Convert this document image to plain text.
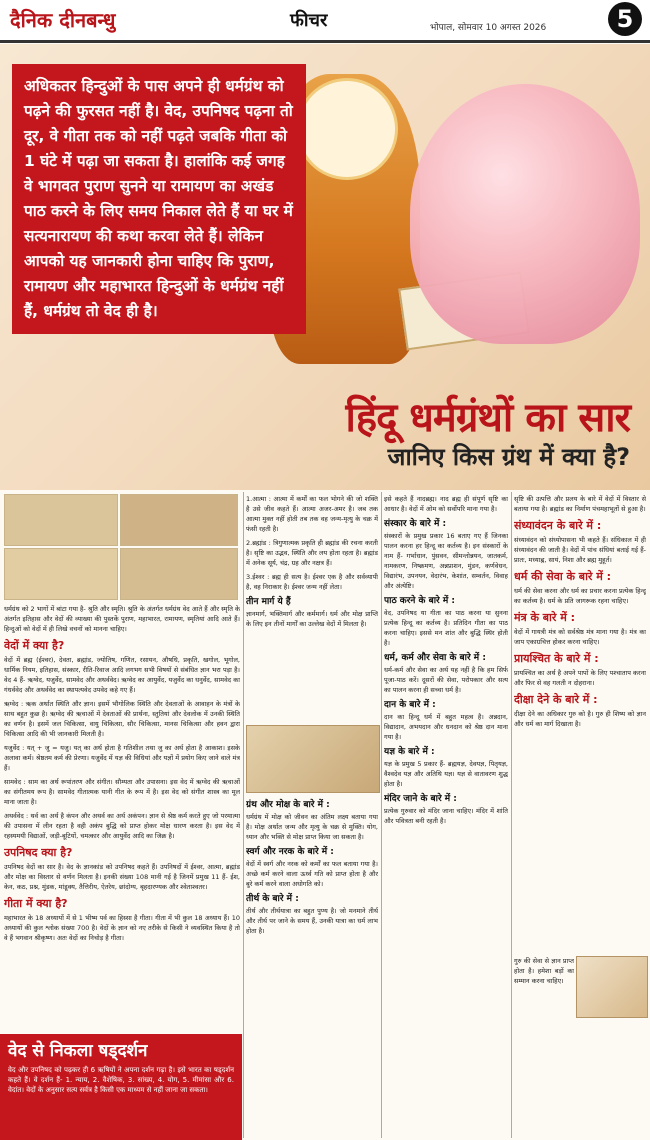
दैनिक दीनबन्धु	फीचर	भोपाल, सोमवार 10 अगस्त 2026	5
अधिकतर हिन्दुओं के पास अपने ही धर्मग्रंथ को पढ़ने की फुरसत नहीं है। वेद, उपनिषद पढ़ना तो दूर, वे गीता तक को नहीं पढ़ते जबकि गीता को 1 घंटे में पढ़ा जा सकता है। हालांकि कई जगह वे भागवत पुराण सुनने या रामायण का अखंड पाठ करने के लिए समय निकाल लेते हैं या घर में सत्यनारायण की कथा करवा लेते हैं। लेकिन आपको यह जानकारी होना चाहिए कि पुराण, रामायण और महाभारत हिन्दुओं के धर्मग्रंथ नहीं हैं, धर्मग्रंथ तो वेद ही है।
हिंदू धर्मग्रंथों का सार
जानिए किस ग्रंथ में क्या है?

धर्मग्रंथ को 2 भागों में बांटा गया है- श्रुति और स्मृति। श्रुति के अंतर्गत धर्मग्रंथ वेद आते हैं और स्मृति के अंतर्गत इतिहास और वेदों की व्याख्या की पुस्तकें पुराण, महाभारत, रामायण, स्मृतियां आदि आते हैं। हिन्दुओं को वेदों में ही लिखे वचनों को मानना चाहिए।

वेदों में क्या है?

वेदों में ब्रह्म (ईश्वर), देवता, ब्रह्मांड, ज्योतिष, गणित, रसायन, औषधि, प्रकृति, खगोल, भूगोल, धार्मिक नियम, इतिहास, संस्कार, रीति-रिवाज आदि लगभग सभी विषयों से संबंधित ज्ञान भरा पड़ा है। वेद 4 हैं- ऋग्वेद, यजुर्वेद, सामवेद और अथर्ववेद। ऋग्वेद का आयुर्वेद, यजुर्वेद का धनुर्वेद, सामवेद का गंधर्ववेद और अथर्ववेद का स्थापत्यवेद उपवेद कहे गए हैं।

ऋग्वेद : ऋक अर्थात स्थिति और ज्ञान। इसमें भौगोलिक स्थिति और देवताओं के आवाहन के मंत्रों के साथ बहुत कुछ है। ऋग्वेद की ऋचाओं में देवताओं की प्रार्थना, स्तुतियां और देवलोक में उनकी स्थिति का वर्णन है। इसमें जल चिकित्सा, वायु चिकित्सा, सौर चिकित्सा, मानस चिकित्सा और हवन द्वारा चिकित्सा आदि की भी जानकारी मिलती है।

यजुर्वेद : यत्‌ + जु = यजु। यत्‌ का अर्थ होता है गतिशील तथा जु का अर्थ होता है आकाश। इसके अलावा कर्म। श्रेष्ठतम कर्म की प्रेरणा। यजुर्वेद में यज्ञ की विधियां और यज्ञों में प्रयोग किए जाने वाले मंत्र हैं।

सामवेद : साम का अर्थ रूपांतरण और संगीत। सौम्यता और उपासना। इस वेद में ऋग्वेद की ऋचाओं का संगीतमय रूप है। सामवेद गीतात्मक यानी गीत के रूप में है। इस वेद को संगीत शास्त्र का मूल माना जाता है।

अथर्ववेद : थर्व का अर्थ है कंपन और अथर्व का अर्थ अकंपन। ज्ञान से श्रेष्ठ कर्म करते हुए जो परमात्मा की उपासना में लीन रहता है वही अकंप बुद्धि को प्राप्त होकर मोक्ष धारण करता है। इस वेद में रहस्यमयी विद्याओं, जड़ी-बूटियों, चमत्कार और आयुर्वेद आदि का जिक्र है।

उपनिषद क्या है?

उपनिषद वेदों का सार है। वेद के ज्ञानकांड को उपनिषद कहते हैं। उपनिषदों में ईश्वर, आत्मा, ब्रह्मांड और मोक्ष का विस्तार से वर्णन मिलता है। इनकी संख्या 108 मानी गई है जिनमें प्रमुख 11 हैं- ईश, केन, कठ, प्रश्न, मुंडक, मांडूक्य, तैत्तिरीय, ऐतरेय, छांदोग्य, बृहदारण्यक और श्वेताश्वतर।

गीता में क्या है?

महाभारत के 18 अध्यायों में से 1 भीष्म पर्व का हिस्सा है गीता। गीता में भी कुल 18 अध्याय हैं। 10 अध्यायों की कुल श्लोक संख्या 700 है। वेदों के ज्ञान को नए तरीके से किसी ने व्यवस्थित किया है तो वे हैं भगवान श्रीकृष्ण। अतः वेदों का निचोड़ है गीता।

1.आत्मा : आत्मा में कर्मों का फल भोगने की जो शक्ति है उसे जीव कहते हैं। आत्मा अजर-अमर है। जब तक आत्मा मुक्त नहीं होती तब तक वह जन्म-मृत्यु के चक्र में फंसी रहती है।

2.ब्रह्मांड : त्रिगुणात्मक प्रकृति ही ब्रह्मांड की रचना करती है। सृष्टि का उद्भव, स्थिति और लय होता रहता है। ब्रह्मांड में अनेक सूर्य, चंद्र, ग्रह और नक्षत्र हैं।

3.ईश्वर : ब्रह्म ही सत्य है। ईश्वर एक है और सर्वव्यापी है, वह निराकार है। ईश्वर जन्म नहीं लेता।

तीन मार्ग ये हैं

ज्ञानमार्ग, भक्तिमार्ग और कर्ममार्ग। धर्म और मोक्ष प्राप्ति के लिए इन तीनों मार्गों का उल्लेख वेदों में मिलता है।

ग्रंथ और मोक्ष के बारे में :

धर्मग्रंथ में मोक्ष को जीवन का अंतिम लक्ष्य बताया गया है। मोक्ष अर्थात जन्म और मृत्यु के चक्र से मुक्ति। योग, ध्यान और भक्ति से मोक्ष प्राप्त किया जा सकता है।

स्वर्ग और नरक के बारे में :

वेदों में स्वर्ग और नरक को कर्मों का फल बताया गया है। अच्छे कर्म करने वाला ऊर्ध्व गति को प्राप्त होता है और बुरे कर्म करने वाला अधोगति को।

तीर्थ के बारे में :

तीर्थ और तीर्थयात्रा का बहुत पुण्य है। जो मनमाने तीर्थ और तीर्थ पर जाने के समय हैं, उनकी यात्रा का धर्म लाभ होता है।

इसे कहते हैं नादब्रह्म। नाद ब्रह्म ही संपूर्ण सृष्टि का आधार है। वेदों में ओम को सर्वोपरि माना गया है।

संस्कार के बारे में :

संस्कारों के प्रमुख प्रकार 16 बताए गए हैं जिनका पालन करना हर हिन्दू का कर्तव्य है। इन संस्कारों के नाम हैं- गर्भाधान, पुंसवन, सीमन्तोन्नयन, जातकर्म, नामकरण, निष्क्रमण, अन्नप्राशन, मुंडन, कर्णवेधन, विद्यारंभ, उपनयन, वेदारंभ, केशांत, सम्वर्तन, विवाह और अंत्येष्टि।

पाठ करने के बारे में :

वेद, उपनिषद या गीता का पाठ करना या सुनना प्रत्येक हिन्दू का कर्तव्य है। प्रतिदिन गीता का पाठ करना चाहिए। इससे मन शांत और बुद्धि स्थिर होती है।

धर्म, कर्म और सेवा के बारे में :

धर्म-कर्म और सेवा का अर्थ यह नहीं है कि हम सिर्फ पूजा-पाठ करें। दूसरों की सेवा, परोपकार और सत्य का पालन करना ही सच्चा धर्म है।

दान के बारे में :

दान का हिन्दू धर्म में बहुत महत्व है। अन्नदान, विद्यादान, अभयदान और धनदान को श्रेष्ठ दान माना गया है।

यज्ञ के बारे में :

यज्ञ के प्रमुख 5 प्रकार हैं- ब्रह्मयज्ञ, देवयज्ञ, पितृयज्ञ, वैश्वदेव यज्ञ और अतिथि यज्ञ। यज्ञ से वातावरण शुद्ध होता है।

मंदिर जाने के बारे में :

प्रत्येक गुरुवार को मंदिर जाना चाहिए। मंदिर में शांति और पवित्रता बनी रहती है।

सृष्टि की उत्पत्ति और प्रलय के बारे में वेदों में विस्तार से बताया गया है। ब्रह्मांड का निर्माण पंचमहाभूतों से हुआ है।

संध्यावंदन के बारे में :

संध्यावंदन को संध्योपासना भी कहते हैं। संधिकाल में ही संध्यावंदन की जाती है। वेदों में पांच संधियां बताई गई हैं- प्रातः, मध्याह्न, सायं, निशा और ब्रह्म मुहूर्त।

धर्म की सेवा के बारे में :

धर्म की सेवा करना और धर्म का प्रचार करना प्रत्येक हिन्दू का कर्तव्य है। धर्म के प्रति जागरूक रहना चाहिए।

मंत्र के बारे में :

वेदों में गायत्री मंत्र को सर्वश्रेष्ठ मंत्र माना गया है। मंत्र का जाप एकाग्रचित्त होकर करना चाहिए।

प्रायश्चित के बारे में :

प्रायश्चित का अर्थ है अपने पापों के लिए पश्चाताप करना और फिर से वह गलती न दोहराना।

दीक्षा देने के बारे में :

दीक्षा देने का अधिकार गुरु को है। गुरु ही शिष्य को ज्ञान और धर्म का मार्ग दिखाता है।

गुरु की सेवा से ज्ञान प्राप्त होता है। हमेशा बड़ों का सम्मान करना चाहिए।

वेद से निकला षड्दर्शन
वेद और उपनिषद को पढ़कर ही 6 ऋषियों ने अपना दर्शन गढ़ा है। इसे भारत का षड्दर्शन कहते हैं। वे दर्शन हैं- 1. न्याय, 2. वैशेषिक, 3. सांख्य, 4. योग, 5. मीमांसा और 6. वेदांत। वेदों के अनुसार सत्य सर्वत्र है किसी एक माध्यम से नहीं जाना जा सकता।
